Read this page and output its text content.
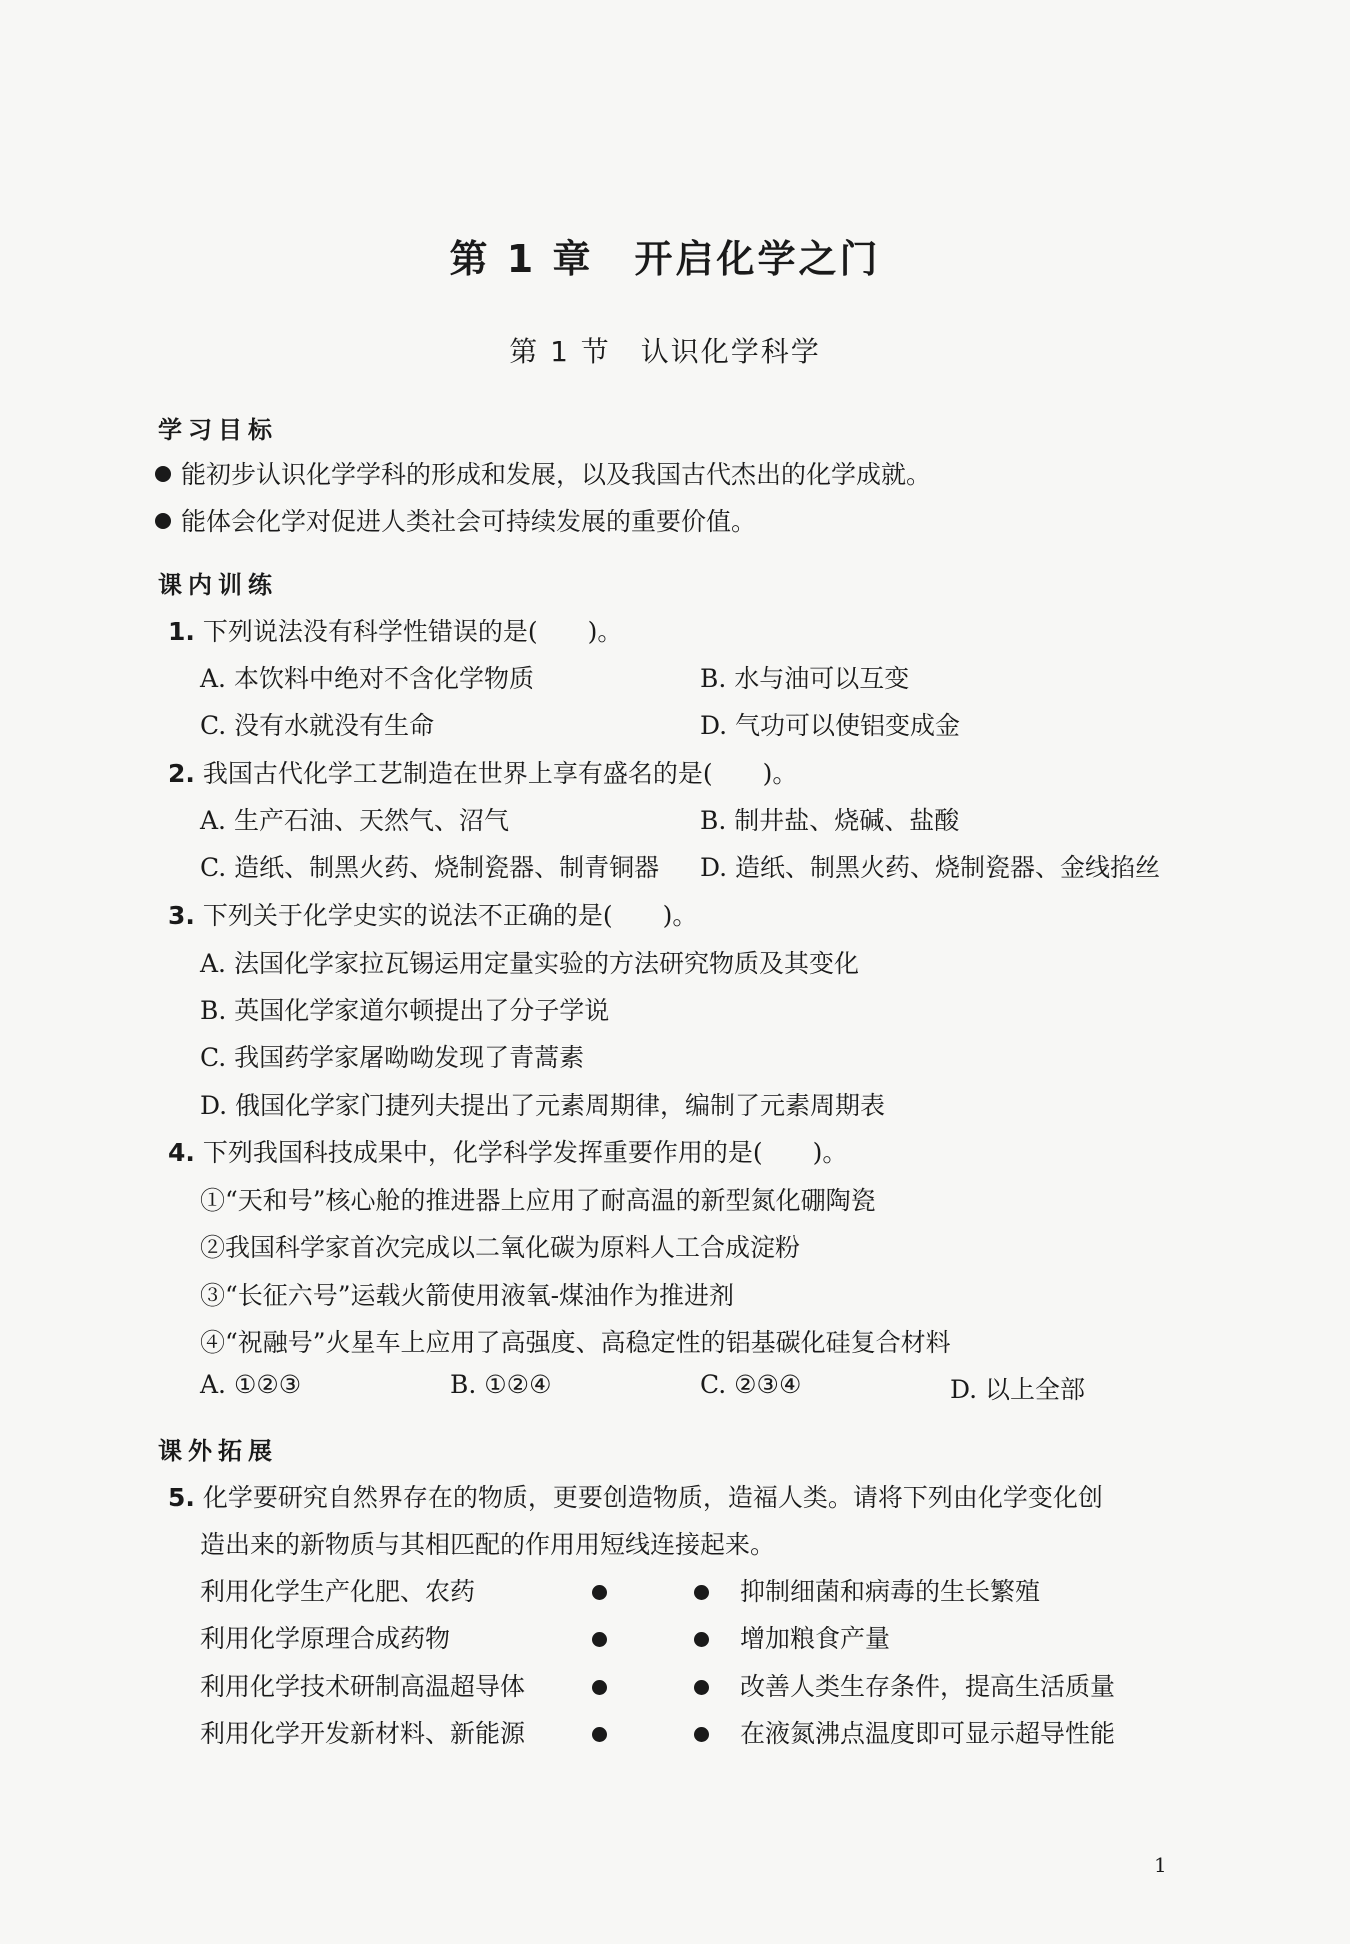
第 1 章　开启化学之门
第 1 节　认识化学科学
学习目标
能初步认识化学学科的形成和发展，以及我国古代杰出的化学成就。
能体会化学对促进人类社会可持续发展的重要价值。
课内训练
1. 下列说法没有科学性错误的是(　　)。
A. 本饮料中绝对不含化学物质	B. 水与油可以互变
C. 没有水就没有生命	D. 气功可以使铝变成金
2. 我国古代化学工艺制造在世界上享有盛名的是(　　)。
A. 生产石油、天然气、沼气	B. 制井盐、烧碱、盐酸
C. 造纸、制黑火药、烧制瓷器、制青铜器 D. 造纸、制黑火药、烧制瓷器、金线掐丝
3. 下列关于化学史实的说法不正确的是(　　)。
A. 法国化学家拉瓦锡运用定量实验的方法研究物质及其变化
B. 英国化学家道尔顿提出了分子学说
C. 我国药学家屠呦呦发现了青蒿素
D. 俄国化学家门捷列夫提出了元素周期律，编制了元素周期表
4. 下列我国科技成果中，化学科学发挥重要作用的是(　　)。
①“天和号”核心舱的推进器上应用了耐高温的新型氮化硼陶瓷
②我国科学家首次完成以二氧化碳为原料人工合成淀粉
③“长征六号”运载火箭使用液氧-煤油作为推进剂
④“祝融号”火星车上应用了高强度、高稳定性的铝基碳化硅复合材料
A. ①②③	B. ①②④	C. ②③④	D. 以上全部
课外拓展
5. 化学要研究自然界存在的物质，更要创造物质，造福人类。请将下列由化学变化创
造出来的新物质与其相匹配的作用用短线连接起来。
利用化学生产化肥、农药	抑制细菌和病毒的生长繁殖
利用化学原理合成药物	增加粮食产量
利用化学技术研制高温超导体	改善人类生存条件，提高生活质量
利用化学开发新材料、新能源	在液氮沸点温度即可显示超导性能
1
